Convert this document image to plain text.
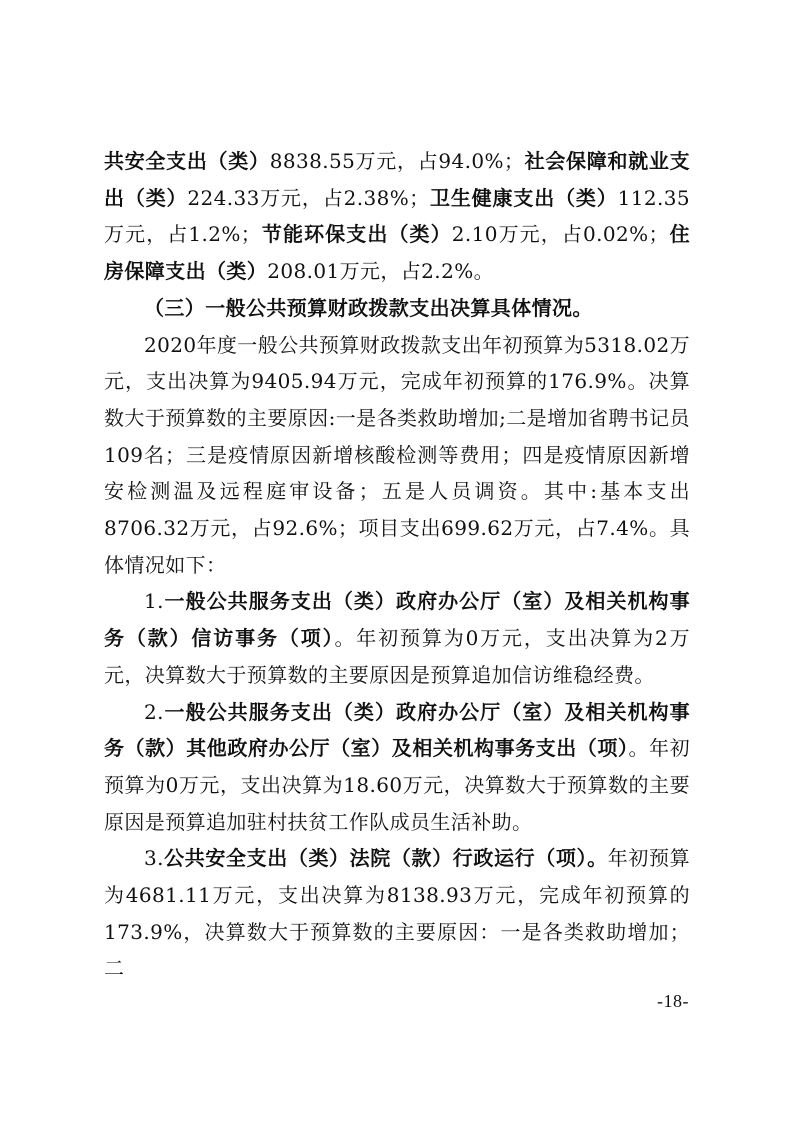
共安全支出（类）8838.55万元，占94.0%；社会保障和就业支出（类）224.33万元，占2.38%；卫生健康支出（类）112.35万元，占1.2%；节能环保支出（类）2.10万元，占0.02%；住房保障支出（类）208.01万元，占2.2%。

（三）一般公共预算财政拨款支出决算具体情况。

2020年度一般公共预算财政拨款支出年初预算为5318.02万元，支出决算为9405.94万元，完成年初预算的176.9%。决算数大于预算数的主要原因:一是各类救助增加;二是增加省聘书记员109名；三是疫情原因新增核酸检测等费用；四是疫情原因新增安检测温及远程庭审设备；五是人员调资。其中:基本支出8706.32万元，占92.6%；项目支出699.62万元，占7.4%。具体情况如下：

1.一般公共服务支出（类）政府办公厅（室）及相关机构事务（款）信访事务（项）。年初预算为0万元，支出决算为2万元，决算数大于预算数的主要原因是预算追加信访维稳经费。

2.一般公共服务支出（类）政府办公厅（室）及相关机构事务（款）其他政府办公厅（室）及相关机构事务支出（项）。年初预算为0万元，支出决算为18.60万元，决算数大于预算数的主要原因是预算追加驻村扶贫工作队成员生活补助。

3.公共安全支出（类）法院（款）行政运行（项）。年初预算为4681.11万元，支出决算为8138.93万元，完成年初预算的173.9%，决算数大于预算数的主要原因：一是各类救助增加；二

-18-
